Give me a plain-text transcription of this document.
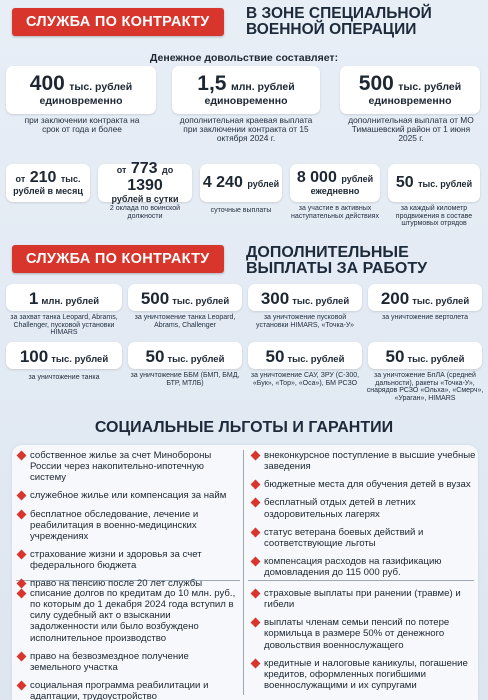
СЛУЖБА ПО КОНТРАКТУ	В ЗОНЕ СПЕЦИАЛЬНОЙ ВОЕННОЙ ОПЕРАЦИИ
Денежное довольствие составляет:
400 тыс. рублей
единовременно
при заключении контракта на срок от года и более
1,5 млн. рублей
единовременно
дополнительная краевая выплата при заключении контракта от 15 октября 2024 г.
500 тыс. рублей
единовременно
дополнительная выплата от МО Тимашевский район от 1 июня 2025 г.
от 210 тыс.
рублей в месяц
от 773 до 1390
рублей в сутки
2 оклада по воинской должности
4 240 рублей
суточные выплаты
8 000 рублей
ежедневно
за участие в активных наступательных действиях
50 тыс. рублей
за каждый километр продвижения в составе штурмовых отрядов
СЛУЖБА ПО КОНТРАКТУ	ДОПОЛНИТЕЛЬНЫЕ ВЫПЛАТЫ ЗА РАБОТУ
1 млн. рублей
за захват танка Leopard, Abrams, Challenger, пусковой установки HIMARS
500 тыс. рублей
за уничтожение танка Leopard, Abrams, Challenger
300 тыс. рублей
за уничтожение пусковой установки HIMARS, «Точка-У»
200 тыс. рублей
за уничтожение вертолета
100 тыс. рублей
за уничтожение танка
50 тыс. рублей
за уничтожение ББМ (БМП, БМД, БТР, МТЛБ)
50 тыс. рублей
за уничтожение САУ, ЗРУ (С-300, «Бук», «Тор», «Оса»), БМ РСЗО
50 тыс. рублей
за уничтожение БпЛА (средней дальности), ракеты «Точка-У», снарядов РСЗО «Ольха», «Смерч», «Ураган», HIMARS
СОЦИАЛЬНЫЕ ЛЬГОТЫ И ГАРАНТИИ
собственное жилье за счет Минобороны России через накопительно-ипотечную систему
служебное жилье или компенсация за найм
бесплатное обследование, лечение и реабилитация в военно-медицинских учреждениях
страхование жизни и здоровья за счет федерального бюджета
право на пенсию после 20 лет службы
списание долгов по кредитам до 10 млн. руб., по которым до 1 декабря 2024 года вступил в силу судебный акт о взыскании задолженности или было возбуждено исполнительное производство
право на безвозмездное получение земельного участка
социальная программа реабилитации и адаптации, трудоустройство
внеконкурсное поступление в высшие учебные заведения
бюджетные места для обучения детей в вузах
бесплатный отдых детей в летних оздоровительных лагерях
статус ветерана боевых действий и соответствующие льготы
компенсация расходов на газификацию домовладения до 115 000 руб.
страховые выплаты при ранении (травме) и гибели
выплаты членам семьи пенсий по потере кормильца в размере 50% от денежного довольствия военнослужащего
кредитные и налоговые каникулы, погашение кредитов, оформленных погибшими военнослужащими и их супругами
